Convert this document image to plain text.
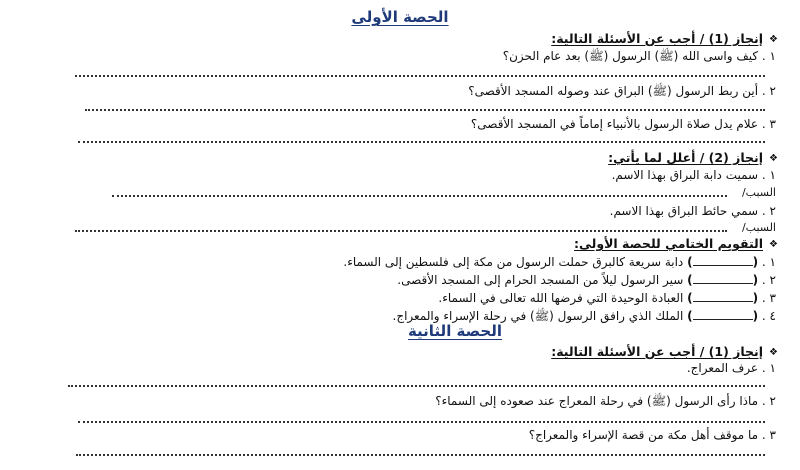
الحصة الأولى
❖إنجاز (1) / أجب عن الأسئلة التالية:
١ . كيف واسى الله (ﷺ) الرسول (ﷺ) بعد عام الحزن؟
٢ . أين ربط الرسول (ﷺ) البراق عند وصوله المسجد الأقصى؟
٣ . علام يدل صلاة الرسول بالأنبياء إماماً في المسجد الأقصى؟
❖إنجاز (2) / أعلل لما يأتي:
١ . سميت دابة البراق بهذا الاسم.
السبب/
٢ . سمي حائط البراق بهذا الاسم.
السبب/
❖التقويم الختامي للحصة الأولى:
١ . () دابة سريعة كالبرق حملت الرسول من مكة إلى فلسطين إلى السماء.
٢ . () سير الرسول ليلاً من المسجد الحرام إلى المسجد الأقصى.
٣ . () العبادة الوحيدة التي فرضها الله تعالى في السماء.
٤ . () الملك الذي رافق الرسول (ﷺ) في رحلة الإسراء والمعراج.
الحصة الثانية
❖إنجاز (1) / أجب عن الأسئلة التالية:
١ . عرف المعراج.
٢ . ماذا رأى الرسول (ﷺ) في رحلة المعراج عند صعوده إلى السماء؟
٣ . ما موقف أهل مكة من قصة الإسراء والمعراج؟
